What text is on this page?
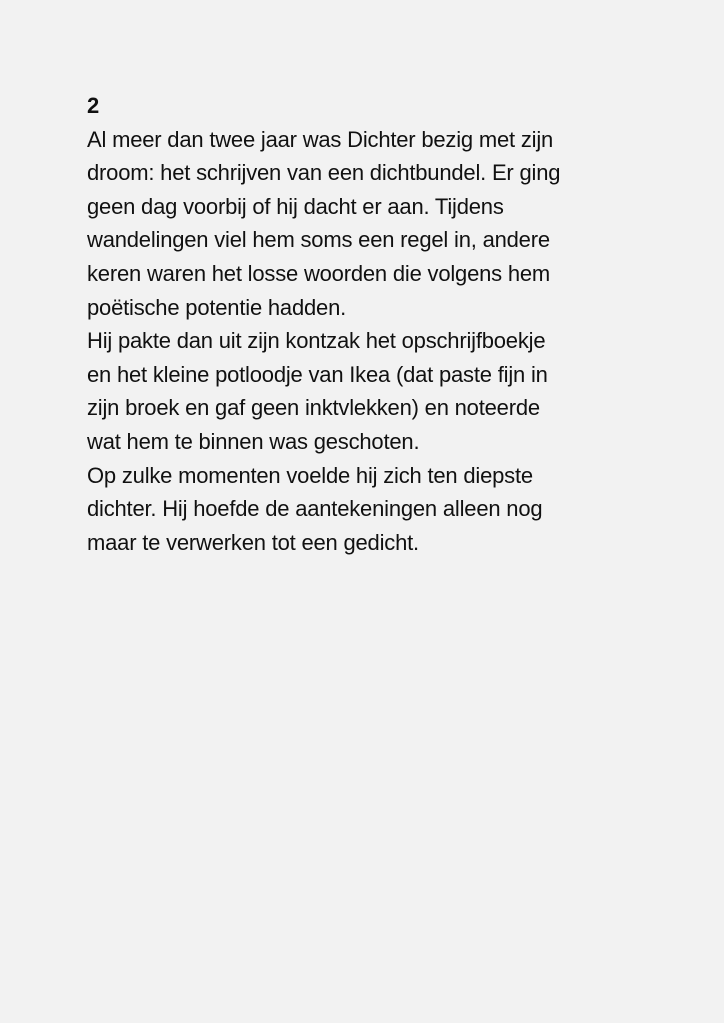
2
Al meer dan twee jaar was Dichter bezig met zijn
droom: het schrijven van een dichtbundel. Er ging
geen dag voorbij of hij dacht er aan. Tijdens
wandelingen viel hem soms een regel in, andere
keren waren het losse woorden die volgens hem
poëtische potentie hadden.
Hij pakte dan uit zijn kontzak het opschrijfboekje
en het kleine potloodje van Ikea (dat paste fijn in
zijn broek en gaf geen inktvlekken) en noteerde
wat hem te binnen was geschoten.
Op zulke momenten voelde hij zich ten diepste
dichter. Hij hoefde de aantekeningen alleen nog
maar te verwerken tot een gedicht.
